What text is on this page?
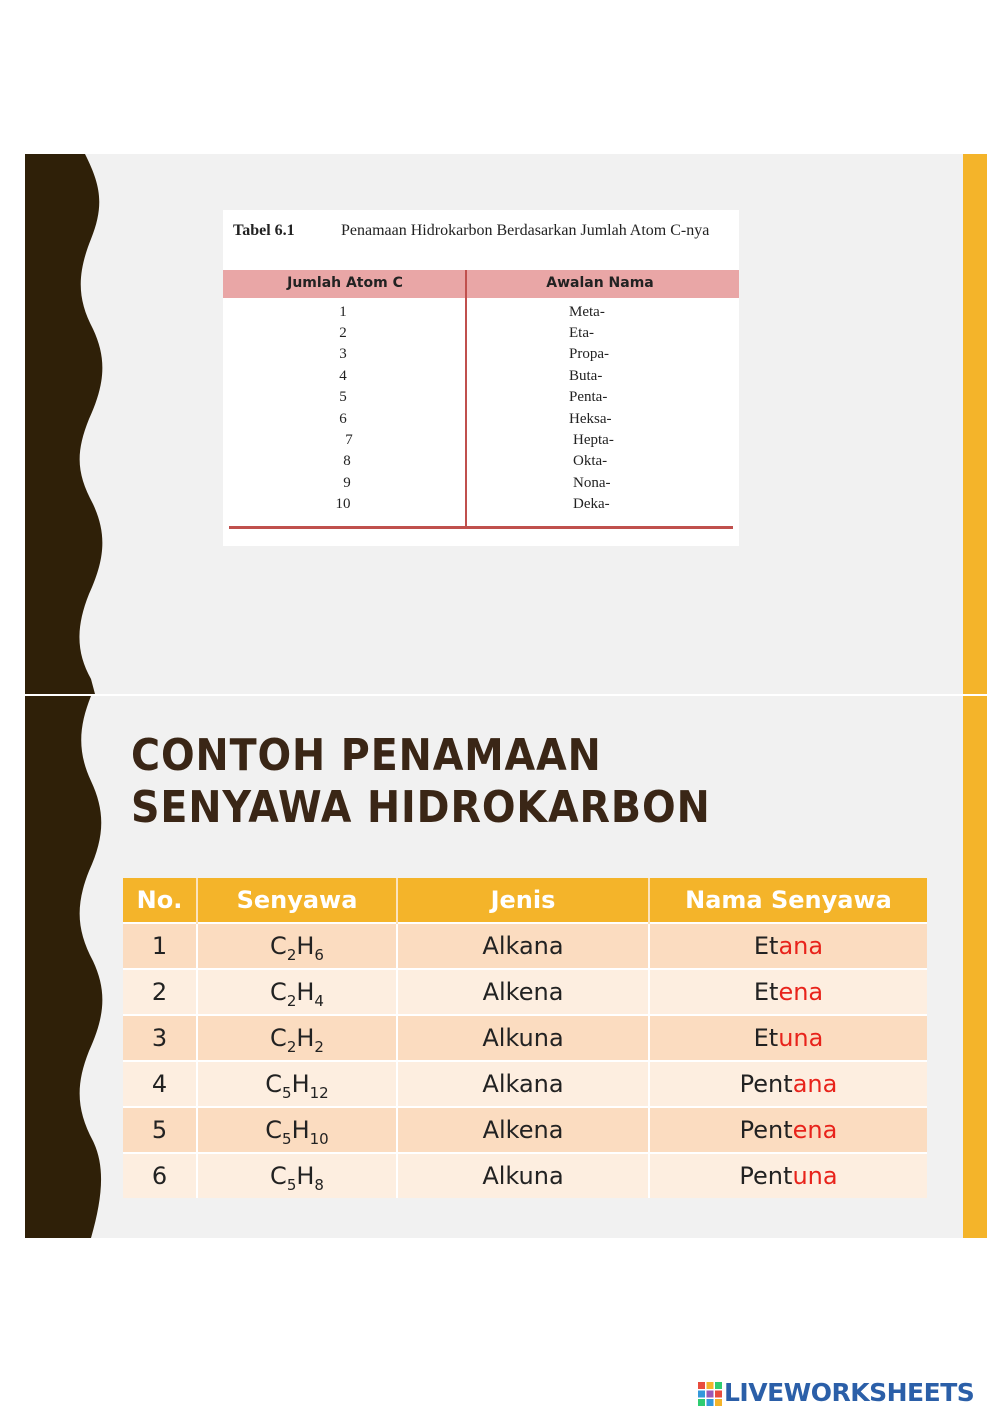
Tabel 6.1	Penamaan Hidrokarbon Berdasarkan Jumlah Atom C-nya
Jumlah Atom C	Awalan Nama
1	Meta-
2	Eta-
3	Propa-
4	Buta-
5	Penta-
6	Heksa-
7	Hepta-
8	Okta-
9	Nona-
10	Deka-
CONTOH PENAMAAN SENYAWA HIDROKARBON
No.	Senyawa	Jenis	Nama Senyawa
1	$C_2H_6$	Alkana	Etana
2	$C_2H_4$	Alkena	Etena
3	$C_2H_2$	Alkuna	Etuna
4	$C_5H_{12}$	Alkana	Pentana
5	$C_5H_{10}$	Alkena	Pentena
6	$C_5H_8$	Alkuna	Pentuna
LIVEWORKSHEETS
